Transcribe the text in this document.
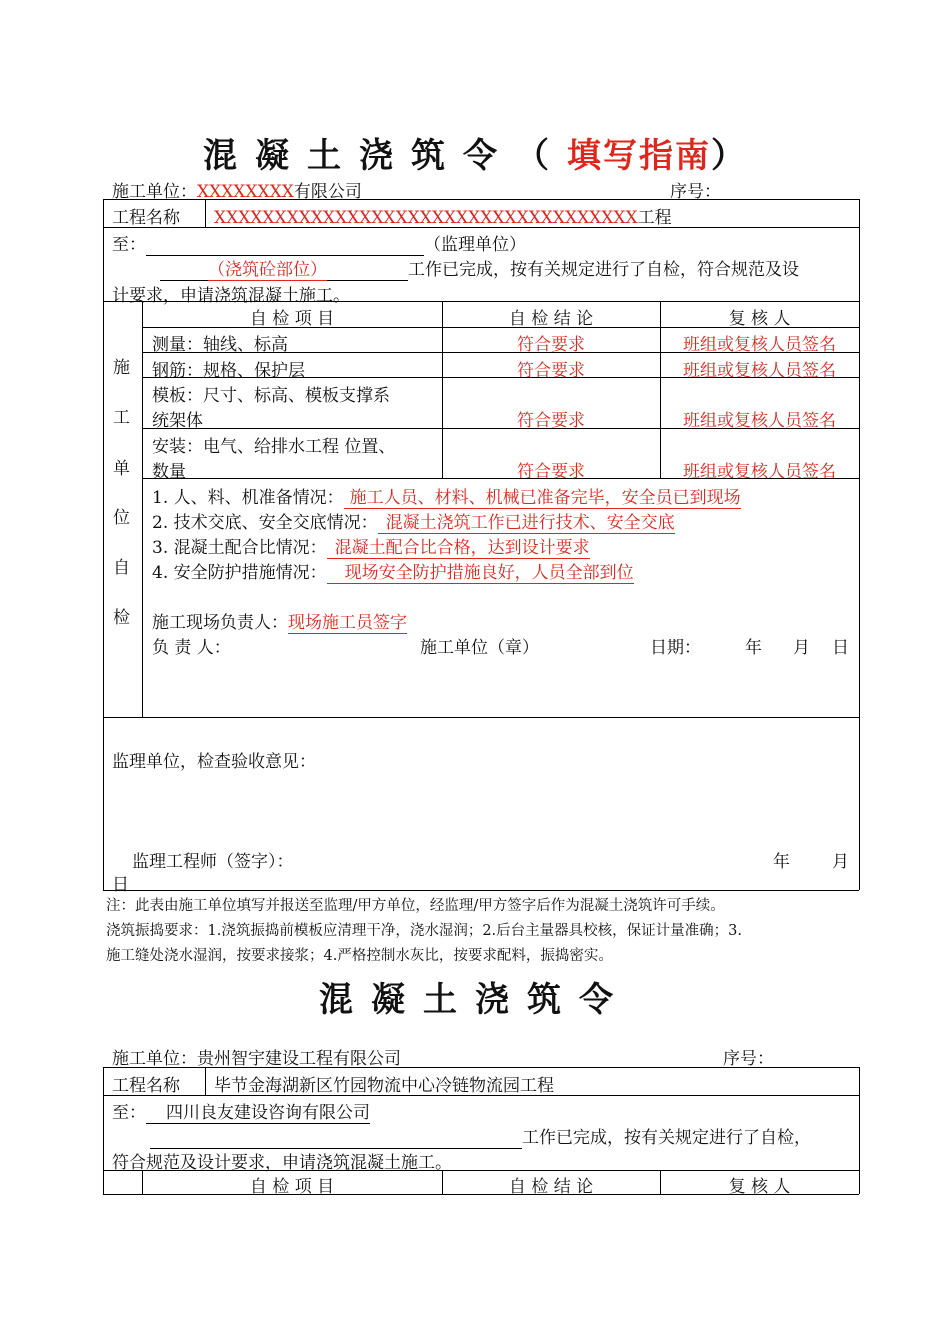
混凝土浇筑令（填写指南）
施工单位：XXXXXXXX有限公司	序号：
工程名称 XXXXXXXXXXXXXXXXXXXXXXXXXXXXXXXXXXX工程
至：	（监理单位）
（浇筑砼部位）	工作已完成，按有关规定进行了自检，符合规范及设
计要求，申请浇筑混凝土施工。
自 检 项 目	自 检 结 论	复 核 人
施
工
单
位
自
检
测量：轴线、标高	符合要求	班组或复核人员签名
钢筋：规格、保护层	符合要求	班组或复核人员签名
模板：尺寸、标高、模板支撑系
统架体	符合要求	班组或复核人员签名
安装：电气、给排水工程 位置、
数量	符合要求	班组或复核人员签名
1. 人、料、机准备情况： 施工人员、材料、机械已准备完毕，安全员已到现场
2. 技术交底、安全交底情况： 混凝土浇筑工作已进行技术、安全交底
3. 混凝土配合比情况： 混凝土配合比合格，达到设计要求
4. 安全防护措施情况： 现场安全防护措施良好，人员全部到位
施工现场负责人：现场施工员签字
负 责 人：	施工单位（章）	日期：	年 月 日
监理单位，检查验收意见：
监理工程师（签字）：	年 月
日
注：此表由施工单位填写并报送至监理/甲方单位，经监理/甲方签字后作为混凝土浇筑许可手续。
浇筑振捣要求：1.浇筑振捣前模板应清理干净，浇水湿润；2.后台主量器具校核，保证计量准确；3.
施工缝处浇水湿润，按要求接浆；4.严格控制水灰比，按要求配料，振捣密实。
混凝土浇筑令
施工单位：贵州智宇建设工程有限公司	序号：
工程名称 毕节金海湖新区竹园物流中心冷链物流园工程
至： 四川良友建设咨询有限公司
工作已完成，按有关规定进行了自检，
符合规范及设计要求，申请浇筑混凝土施工。
自 检 项 目	自 检 结 论	复 核 人
